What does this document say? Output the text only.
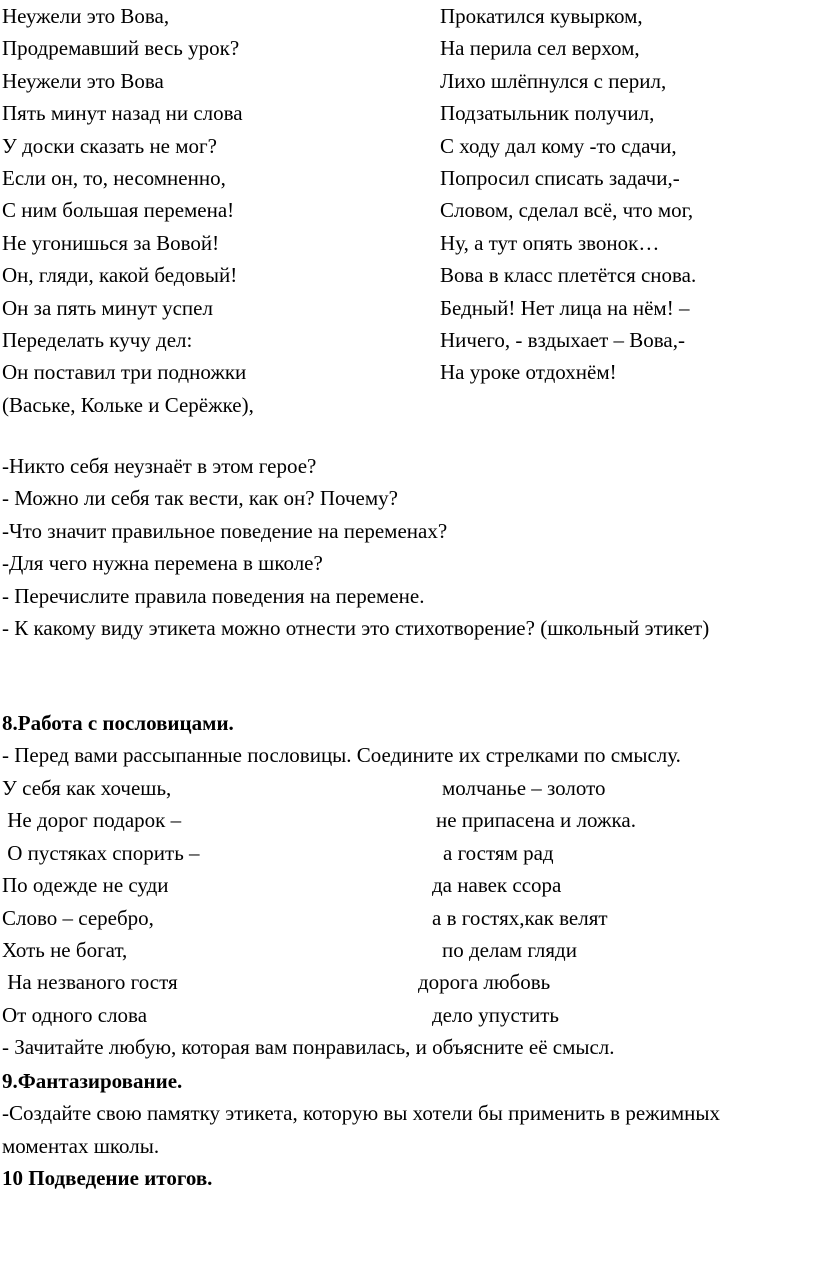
Неужели это Вова,
Продремавший весь урок?
Неужели это Вова
Пять минут назад ни слова
У доски сказать не мог?
Если он, то, несомненно,
С ним большая перемена!
Не угонишься за Вовой!
Он, гляди, какой бедовый!
Он за пять минут успел
Переделать кучу дел:
Он поставил три подножки
(Ваське, Кольке и Серёжке),
Прокатился кувырком,
На перила сел верхом,
Лихо шлёпнулся с перил,
Подзатыльник получил,
С ходу дал кому -то сдачи,
Попросил списать задачи,-
Словом, сделал всё, что мог,
Ну, а тут опять звонок…
Вова в класс плетётся снова.
Бедный! Нет лица на нём! –
Ничего, - вздыхает – Вова,-
На уроке отдохнём!
-Никто себя неузнаёт в этом герое?
- Можно ли себя так вести, как он? Почему?
-Что значит правильное поведение на переменах?
-Для чего нужна перемена в школе?
- Перечислите правила поведения на перемене.
- К какому виду этикета можно отнести это стихотворение? (школьный этикет)
8.Работа с пословицами.
- Перед вами рассыпанные пословицы. Соедините их стрелками по смыслу.

У себя как хочешь,

	молчанье – золото

Не дорог подарок –

	не припасена и ложка.

О пустяках спорить –

	а гостям рад

По одежде не суди

	да навек ссора

Слово – серебро,

	а в гостях,как велят

Хоть не богат,

	по делам гляди

На незваного гостя

	дорога любовь

От одного слова

	дело упустить

- Зачитайте любую, которая вам понравилась, и объясните её смысл.
9.Фантазирование.
-Создайте свою памятку этикета, которую вы хотели бы применить в режимных моментах школы.
10 Подведение итогов.
